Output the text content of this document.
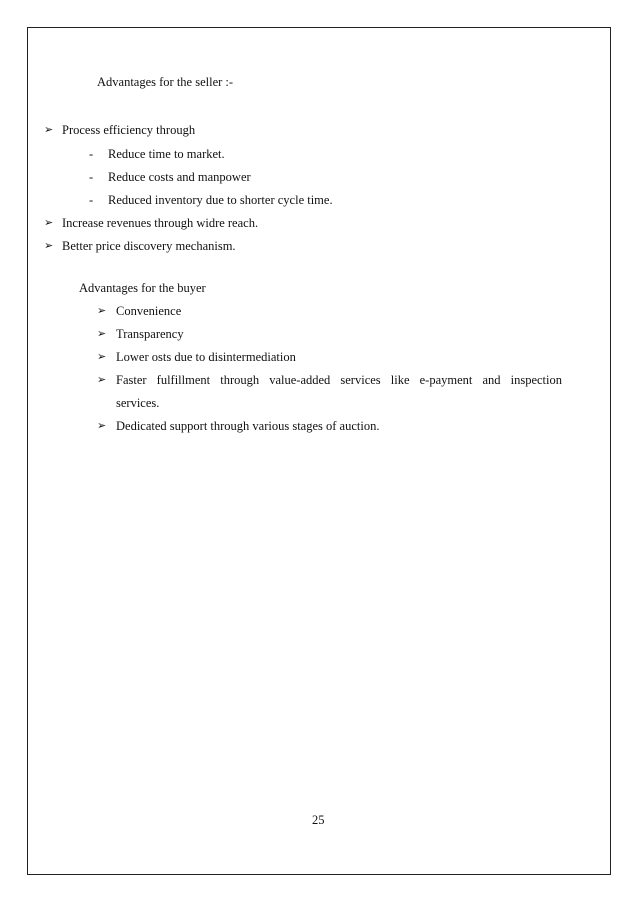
Advantages for the seller :-
➢ Process efficiency through
- Reduce time to market.
- Reduce costs and manpower
- Reduced inventory due to shorter cycle time.
➢ Increase revenues through widre reach.
➢ Better price discovery mechanism.
Advantages for the buyer
➢ Convenience
➢ Transparency
➢ Lower osts due to disintermediation
➢ Faster fulfillment through value-added services like e-payment and inspection
services.
➢ Dedicated support through various stages of auction.
25
